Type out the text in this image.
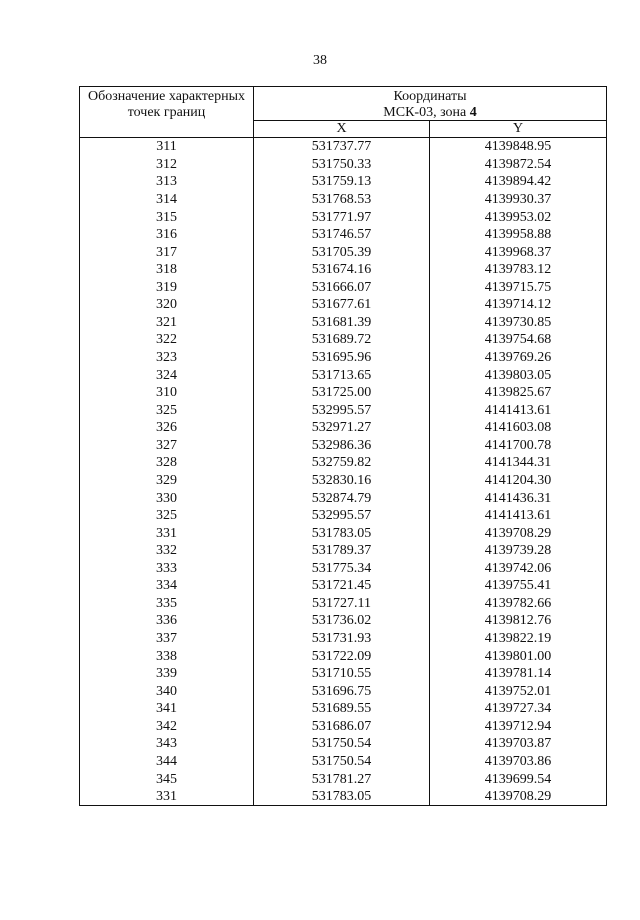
38
Обозначение характерных точек границ	Координаты
МСК-03, зона 4	

	X	Y
311	531737.77	4139848.95
312	531750.33	4139872.54
313	531759.13	4139894.42
314	531768.53	4139930.37
315	531771.97	4139953.02
316	531746.57	4139958.88
317	531705.39	4139968.37
318	531674.16	4139783.12
319	531666.07	4139715.75
320	531677.61	4139714.12
321	531681.39	4139730.85
322	531689.72	4139754.68
323	531695.96	4139769.26
324	531713.65	4139803.05
310	531725.00	4139825.67
325	532995.57	4141413.61
326	532971.27	4141603.08
327	532986.36	4141700.78
328	532759.82	4141344.31
329	532830.16	4141204.30
330	532874.79	4141436.31
325	532995.57	4141413.61
331	531783.05	4139708.29
332	531789.37	4139739.28
333	531775.34	4139742.06
334	531721.45	4139755.41
335	531727.11	4139782.66
336	531736.02	4139812.76
337	531731.93	4139822.19
338	531722.09	4139801.00
339	531710.55	4139781.14
340	531696.75	4139752.01
341	531689.55	4139727.34
342	531686.07	4139712.94
343	531750.54	4139703.87
344	531750.54	4139703.86
345	531781.27	4139699.54
331	531783.05	4139708.29
